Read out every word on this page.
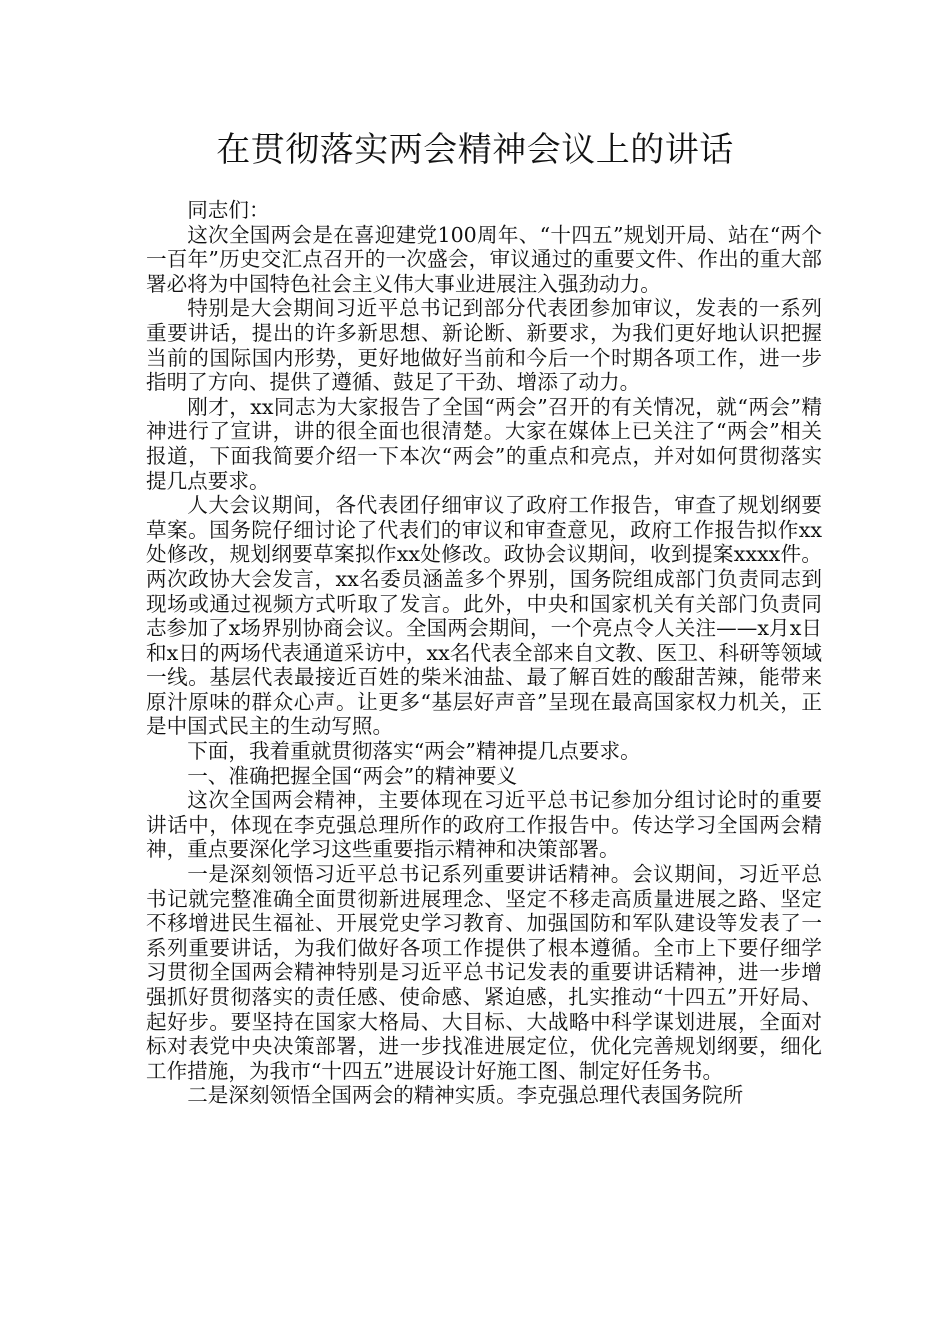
在贯彻落实两会精神会议上的讲话

同志们：

这次全国两会是在喜迎建党100周年、“十四五”规划开局、站在“两个一百年”历史交汇点召开的一次盛会，审议通过的重要文件、作出的重大部署必将为中国特色社会主义伟大事业进展注入强劲动力。

特别是大会期间习近平总书记到部分代表团参加审议，发表的一系列重要讲话，提出的许多新思想、新论断、新要求，为我们更好地认识把握当前的国际国内形势，更好地做好当前和今后一个时期各项工作，进一步指明了方向、提供了遵循、鼓足了干劲、增添了动力。

刚才，xx同志为大家报告了全国“两会”召开的有关情况，就“两会”精神进行了宣讲，讲的很全面也很清楚。大家在媒体上已关注了“两会”相关报道，下面我简要介绍一下本次“两会”的重点和亮点，并对如何贯彻落实提几点要求。

人大会议期间，各代表团仔细审议了政府工作报告，审查了规划纲要草案。国务院仔细讨论了代表们的审议和审查意见，政府工作报告拟作xx处修改，规划纲要草案拟作xx处修改。政协会议期间，收到提案xxxx件。两次政协大会发言，xx名委员涵盖多个界别，国务院组成部门负责同志到现场或通过视频方式听取了发言。此外，中央和国家机关有关部门负责同志参加了x场界别协商会议。全国两会期间，一个亮点令人关注——x月x日和x日的两场代表通道采访中，xx名代表全部来自文教、医卫、科研等领域一线。基层代表最接近百姓的柴米油盐、最了解百姓的酸甜苦辣，能带来原汁原味的群众心声。让更多“基层好声音”呈现在最高国家权力机关，正是中国式民主的生动写照。

下面，我着重就贯彻落实“两会”精神提几点要求。

一、准确把握全国“两会”的精神要义

这次全国两会精神，主要体现在习近平总书记参加分组讨论时的重要讲话中，体现在李克强总理所作的政府工作报告中。传达学习全国两会精神，重点要深化学习这些重要指示精神和决策部署。

一是深刻领悟习近平总书记系列重要讲话精神。会议期间，习近平总书记就完整准确全面贯彻新进展理念、坚定不移走高质量进展之路、坚定不移增进民生福祉、开展党史学习教育、加强国防和军队建设等发表了一系列重要讲话，为我们做好各项工作提供了根本遵循。全市上下要仔细学习贯彻全国两会精神特别是习近平总书记发表的重要讲话精神，进一步增强抓好贯彻落实的责任感、使命感、紧迫感，扎实推动“十四五”开好局、起好步。要坚持在国家大格局、大目标、大战略中科学谋划进展，全面对标对表党中央决策部署，进一步找准进展定位，优化完善规划纲要，细化工作措施，为我市“十四五”进展设计好施工图、制定好任务书。

二是深刻领悟全国两会的精神实质。李克强总理代表国务院所
